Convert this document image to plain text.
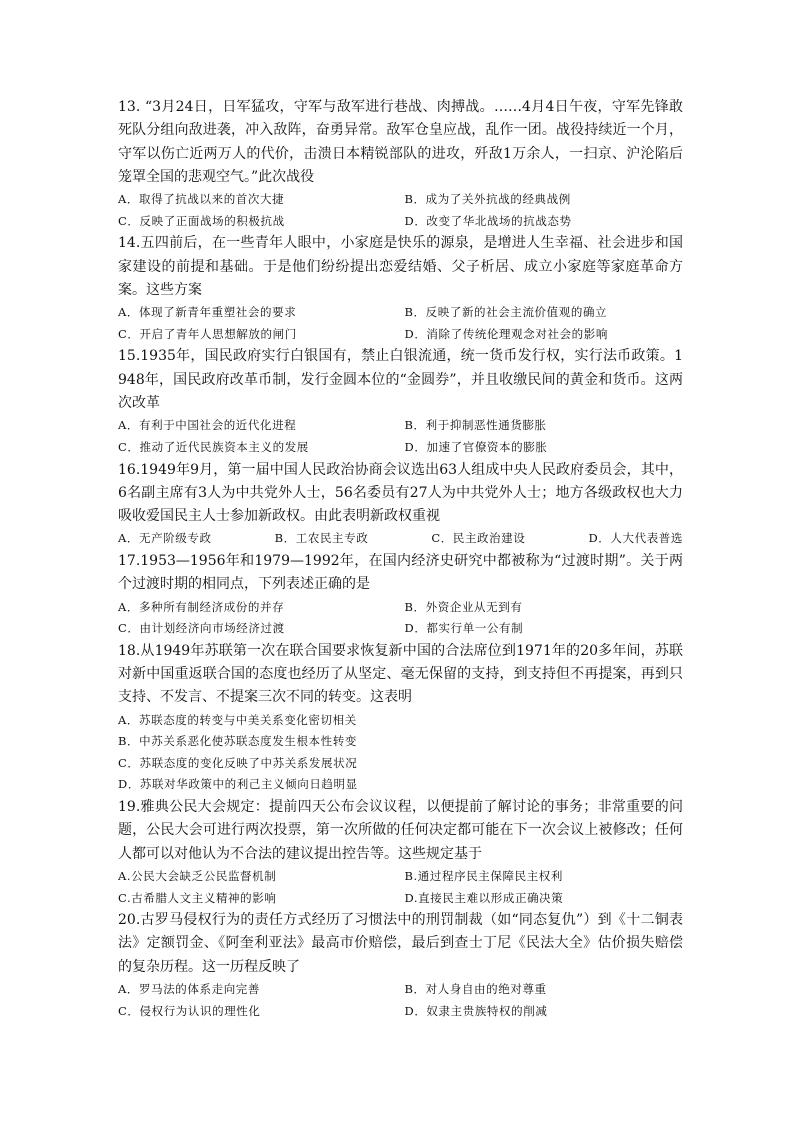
13. “3月24日，日军猛攻，守军与敌军进行巷战、肉搏战。……4月4日午夜，守军先锋敢死队分组向敌进袭，冲入敌阵，奋勇异常。敌军仓皇应战，乱作一团。战役持续近一个月，守军以伤亡近两万人的代价，击溃日本精锐部队的进攻，歼敌1万余人，一扫京、沪沦陷后笼罩全国的悲观空气。”此次战役

A．取得了抗战以来的首次大捷	B．成为了关外抗战的经典战例
C．反映了正面战场的积极抗战	D．改变了华北战场的抗战态势

14.五四前后，在一些青年人眼中，小家庭是快乐的源泉，是增进人生幸福、社会进步和国家建设的前提和基础。于是他们纷纷提出恋爱结婚、父子析居、成立小家庭等家庭革命方案。这些方案

A．体现了新青年重塑社会的要求	B．反映了新的社会主流价值观的确立
C．开启了青年人思想解放的闸门	D．消除了传统伦理观念对社会的影响

15.1935年，国民政府实行白银国有，禁止白银流通，统一货币发行权，实行法币政策。1948年，国民政府改革币制，发行金圆本位的“金圆券”，并且收缴民间的黄金和货币。这两次改革

A．有利于中国社会的近代化进程	B．利于抑制恶性通货膨胀
C．推动了近代民族资本主义的发展	D．加速了官僚资本的膨胀

16.1949年9月，第一届中国人民政治协商会议选出63人组成中央人民政府委员会，其中，6名副主席有3人为中共党外人士，56名委员有27人为中共党外人士；地方各级政权也大力吸收爱国民主人士参加新政权。由此表明新政权重视

A．无产阶级专政	B．工农民主专政	C．民主政治建设	D．人大代表普选

17.1953—1956年和1979—1992年，在国内经济史研究中都被称为“过渡时期”。关于两个过渡时期的相同点，下列表述正确的是

A．多种所有制经济成份的并存	B．外资企业从无到有
C．由计划经济向市场经济过渡	D．都实行单一公有制

18.从1949年苏联第一次在联合国要求恢复新中国的合法席位到1971年的20多年间，苏联对新中国重返联合国的态度也经历了从坚定、毫无保留的支持，到支持但不再提案，再到只支持、不发言、不提案三次不同的转变。这表明

A．苏联态度的转变与中美关系变化密切相关
B．中苏关系恶化使苏联态度发生根本性转变
C．苏联态度的变化反映了中苏关系发展状况
D．苏联对华政策中的利己主义倾向日趋明显

19.雅典公民大会规定：提前四天公布会议议程，以便提前了解讨论的事务；非常重要的问题，公民大会可进行两次投票，第一次所做的任何决定都可能在下一次会议上被修改；任何人都可以对他认为不合法的建议提出控告等。这些规定基于

A.公民大会缺乏公民监督机制	B.通过程序民主保障民主权利
C.古希腊人文主义精神的影响	D.直接民主难以形成正确决策

20.古罗马侵权行为的责任方式经历了习惯法中的刑罚制裁（如“同态复仇”）到《十二铜表法》定额罚金、《阿奎利亚法》最高市价赔偿，最后到查士丁尼《民法大全》估价损失赔偿的复杂历程。这一历程反映了

A．罗马法的体系走向完善	B．对人身自由的绝对尊重
C．侵权行为认识的理性化	D．奴隶主贵族特权的削减
